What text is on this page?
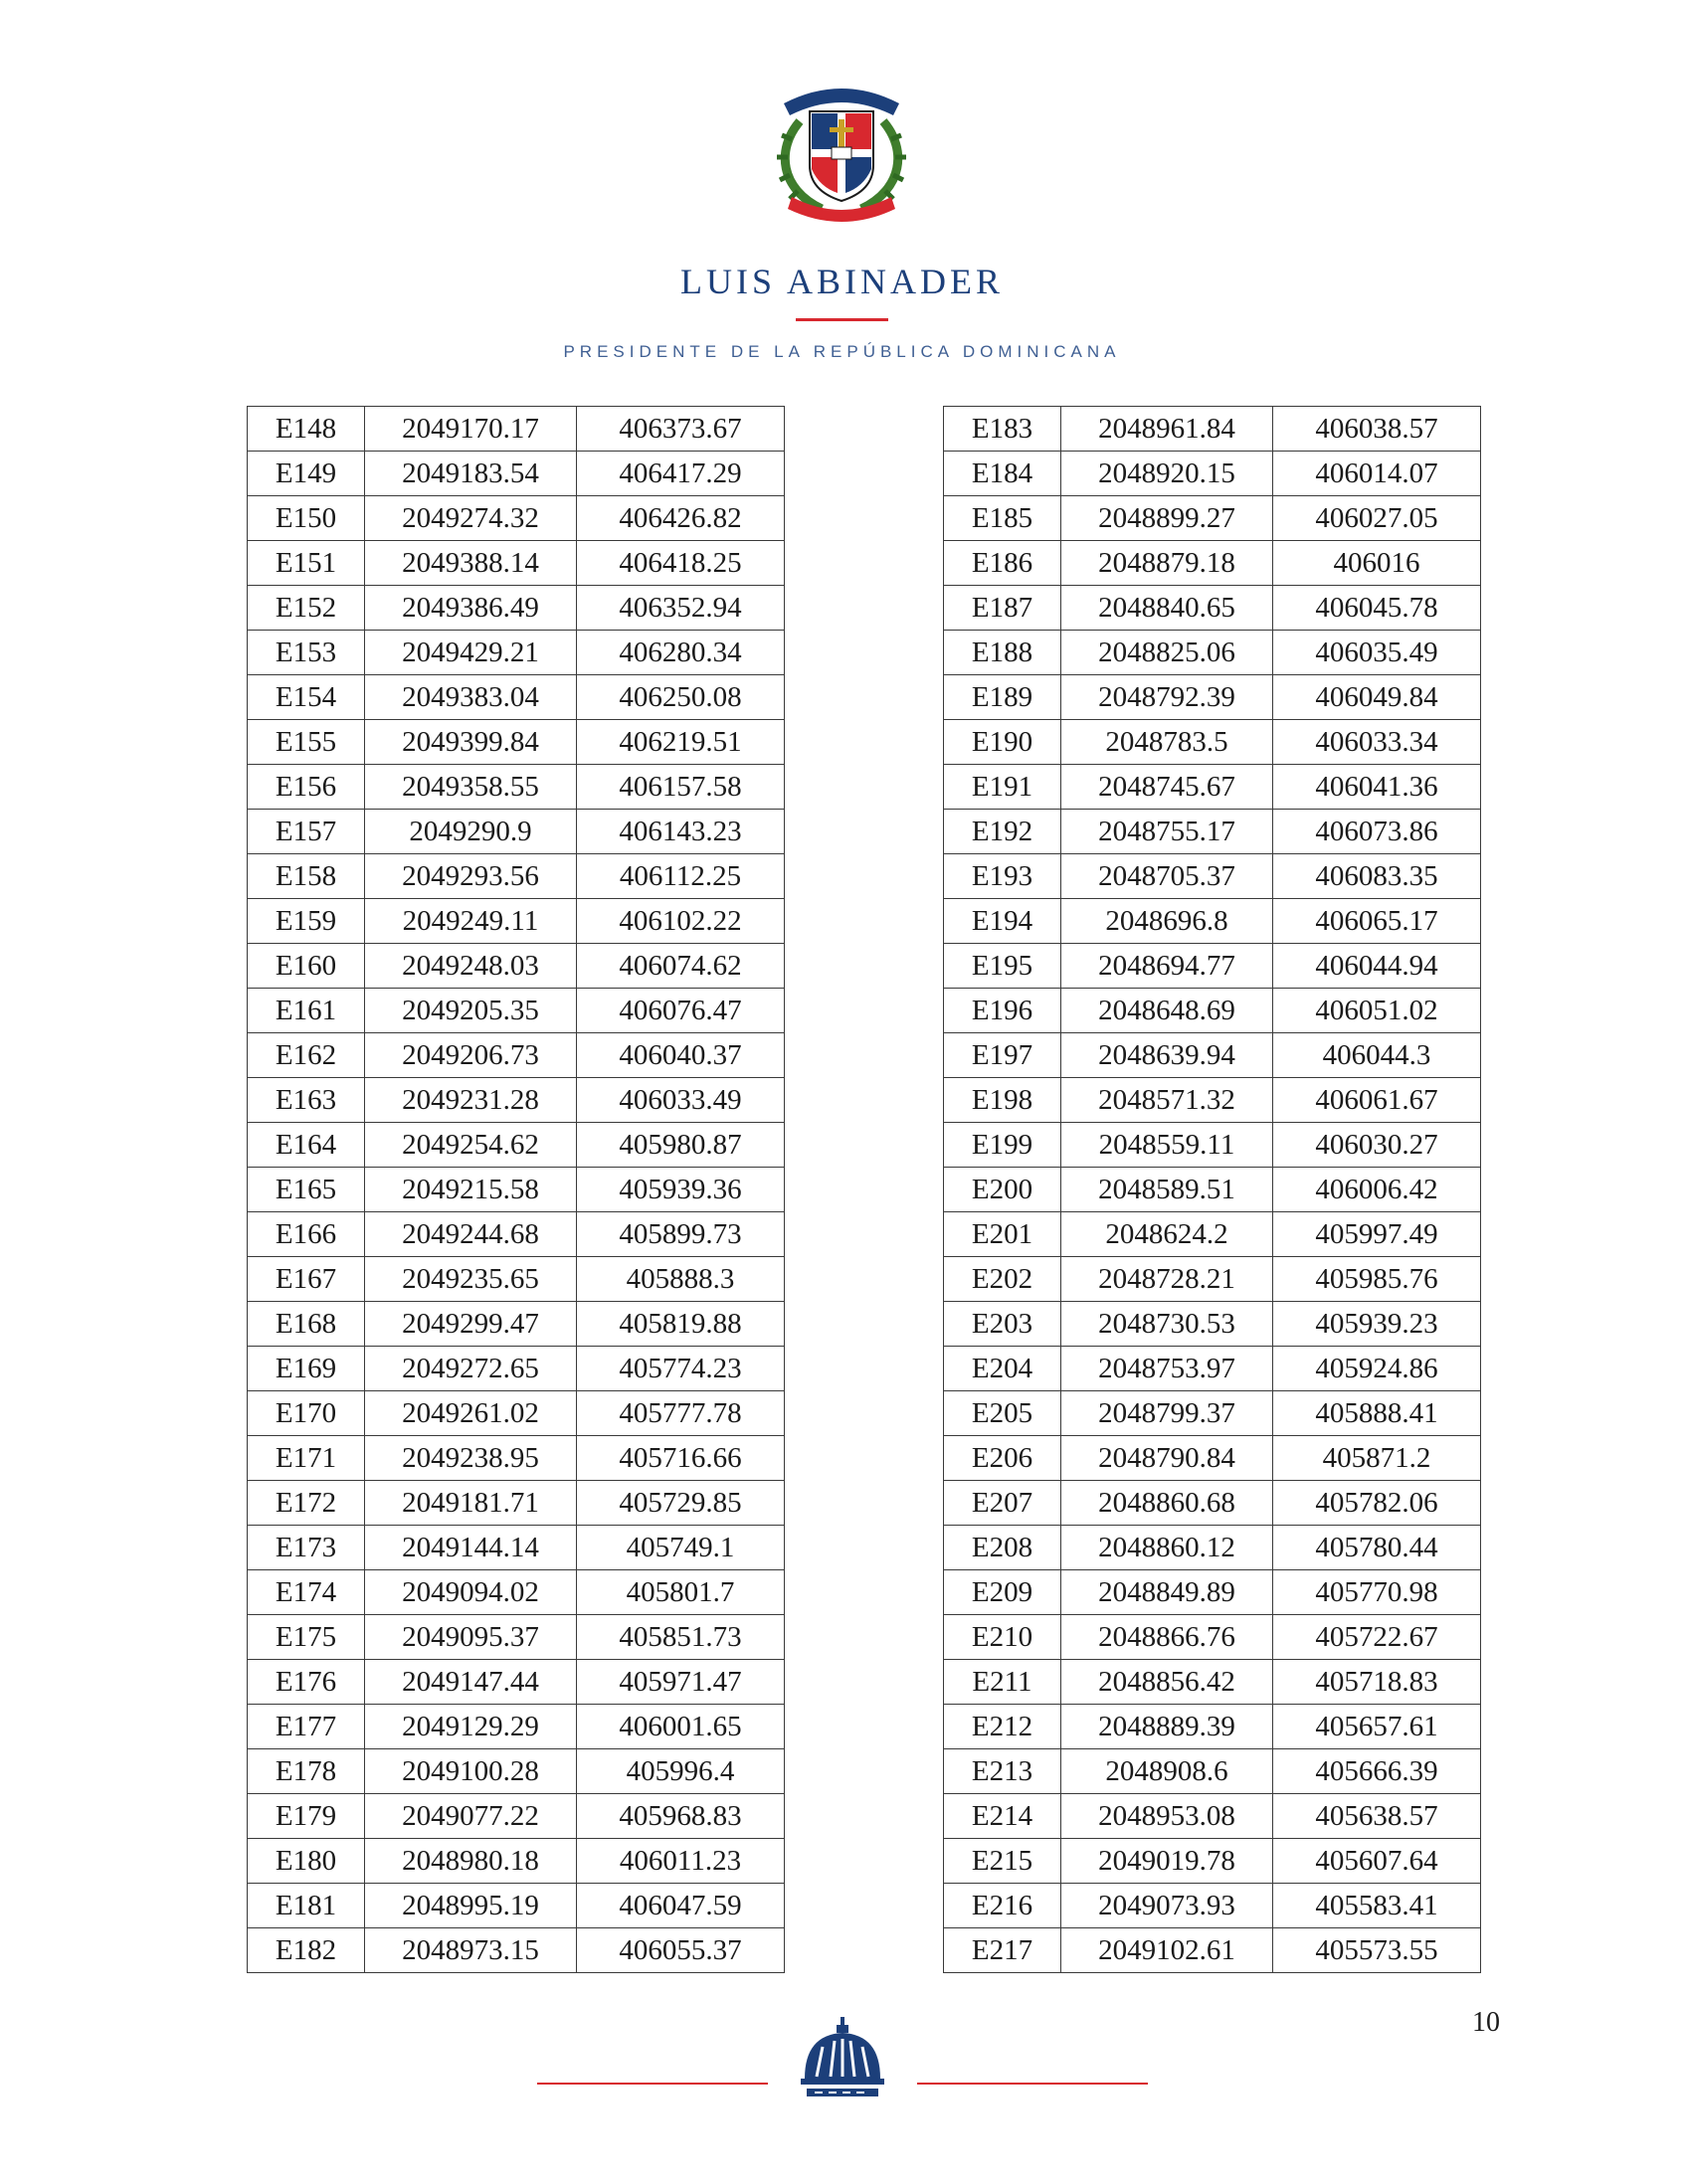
LUIS ABINADER
PRESIDENTE DE LA REPÚBLICA DOMINICANA
E148	2049170.17	406373.67
E149	2049183.54	406417.29
E150	2049274.32	406426.82
E151	2049388.14	406418.25
E152	2049386.49	406352.94
E153	2049429.21	406280.34
E154	2049383.04	406250.08
E155	2049399.84	406219.51
E156	2049358.55	406157.58
E157	2049290.9	406143.23
E158	2049293.56	406112.25
E159	2049249.11	406102.22
E160	2049248.03	406074.62
E161	2049205.35	406076.47
E162	2049206.73	406040.37
E163	2049231.28	406033.49
E164	2049254.62	405980.87
E165	2049215.58	405939.36
E166	2049244.68	405899.73
E167	2049235.65	405888.3
E168	2049299.47	405819.88
E169	2049272.65	405774.23
E170	2049261.02	405777.78
E171	2049238.95	405716.66
E172	2049181.71	405729.85
E173	2049144.14	405749.1
E174	2049094.02	405801.7
E175	2049095.37	405851.73
E176	2049147.44	405971.47
E177	2049129.29	406001.65
E178	2049100.28	405996.4
E179	2049077.22	405968.83
E180	2048980.18	406011.23
E181	2048995.19	406047.59
E182	2048973.15	406055.37
E183	2048961.84	406038.57
E184	2048920.15	406014.07
E185	2048899.27	406027.05
E186	2048879.18	406016
E187	2048840.65	406045.78
E188	2048825.06	406035.49
E189	2048792.39	406049.84
E190	2048783.5	406033.34
E191	2048745.67	406041.36
E192	2048755.17	406073.86
E193	2048705.37	406083.35
E194	2048696.8	406065.17
E195	2048694.77	406044.94
E196	2048648.69	406051.02
E197	2048639.94	406044.3
E198	2048571.32	406061.67
E199	2048559.11	406030.27
E200	2048589.51	406006.42
E201	2048624.2	405997.49
E202	2048728.21	405985.76
E203	2048730.53	405939.23
E204	2048753.97	405924.86
E205	2048799.37	405888.41
E206	2048790.84	405871.2
E207	2048860.68	405782.06
E208	2048860.12	405780.44
E209	2048849.89	405770.98
E210	2048866.76	405722.67
E211	2048856.42	405718.83
E212	2048889.39	405657.61
E213	2048908.6	405666.39
E214	2048953.08	405638.57
E215	2049019.78	405607.64
E216	2049073.93	405583.41
E217	2049102.61	405573.55
10
